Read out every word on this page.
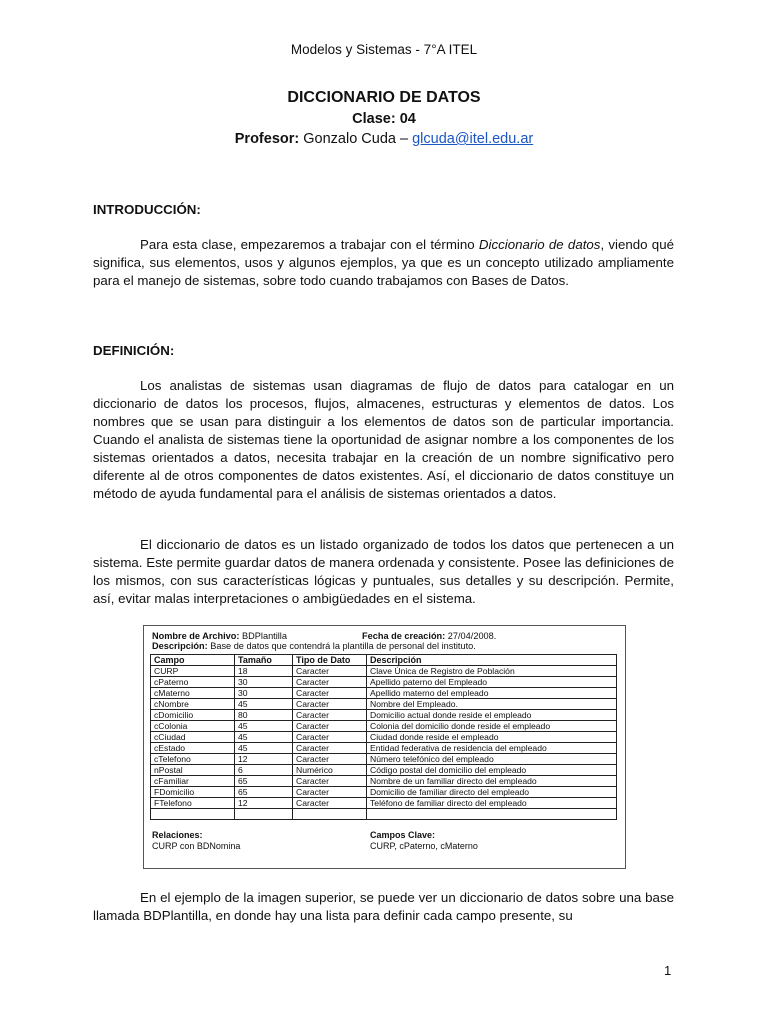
Modelos y Sistemas - 7°A ITEL
DICCIONARIO DE DATOS
Clase: 04
Profesor: Gonzalo Cuda – glcuda@itel.edu.ar
INTRODUCCIÓN:
Para esta clase, empezaremos a trabajar con el término Diccionario de datos, viendo qué significa, sus elementos, usos y algunos ejemplos, ya que es un concepto utilizado ampliamente para el manejo de sistemas, sobre todo cuando trabajamos con Bases de Datos.
DEFINICIÓN:
Los analistas de sistemas usan diagramas de flujo de datos para catalogar en un diccionario de datos los procesos, flujos, almacenes, estructuras y elementos de datos. Los nombres que se usan para distinguir a los elementos de datos son de particular importancia. Cuando el analista de sistemas tiene la oportunidad de asignar nombre a los componentes de los sistemas orientados a datos, necesita trabajar en la creación de un nombre significativo pero diferente al de otros componentes de datos existentes. Así, el diccionario de datos constituye un método de ayuda fundamental para el análisis de sistemas orientados a datos.
El diccionario de datos es un listado organizado de todos los datos que pertenecen a un sistema. Este permite guardar datos de manera ordenada y consistente. Posee las definiciones de los mismos, con sus características lógicas y puntuales, sus detalles y su descripción. Permite, así, evitar malas interpretaciones o ambigüedades en el sistema.
Nombre de Archivo: BDPlantilla	Fecha de creación: 27/04/2008.
Descripción: Base de datos que contendrá la plantilla de personal del instituto.
Campo	Tamaño	Tipo de Dato	Descripción
CURP	18	Caracter	Clave Única de Registro de Población
cPaterno	30	Caracter	Apellido paterno del Empleado
cMaterno	30	Caracter	Apellido materno del empleado
cNombre	45	Caracter	Nombre del Empleado.
cDomicilio	80	Caracter	Domicilio actual donde reside el empleado
cColonia	45	Caracter	Colonia del domicilio donde reside el empleado
cCiudad	45	Caracter	Ciudad donde reside el empleado
cEstado	45	Caracter	Entidad federativa de residencia del empleado
cTelefono	12	Caracter	Número telefónico del empleado
nPostal	6	Numérico	Código postal del domicilio del empleado
cFamiliar	65	Caracter	Nombre de un familiar directo del empleado
FDomicilio	65	Caracter	Domicilio de familiar directo del empleado
FTelefono	12	Caracter	Teléfono de familiar directo del empleado

Relaciones:
CURP con BDNomina
Campos Clave:
CURP, cPaterno, cMaterno
En el ejemplo de la imagen superior, se puede ver un diccionario de datos sobre una base llamada BDPlantilla, en donde hay una lista para definir cada campo presente, su
1
